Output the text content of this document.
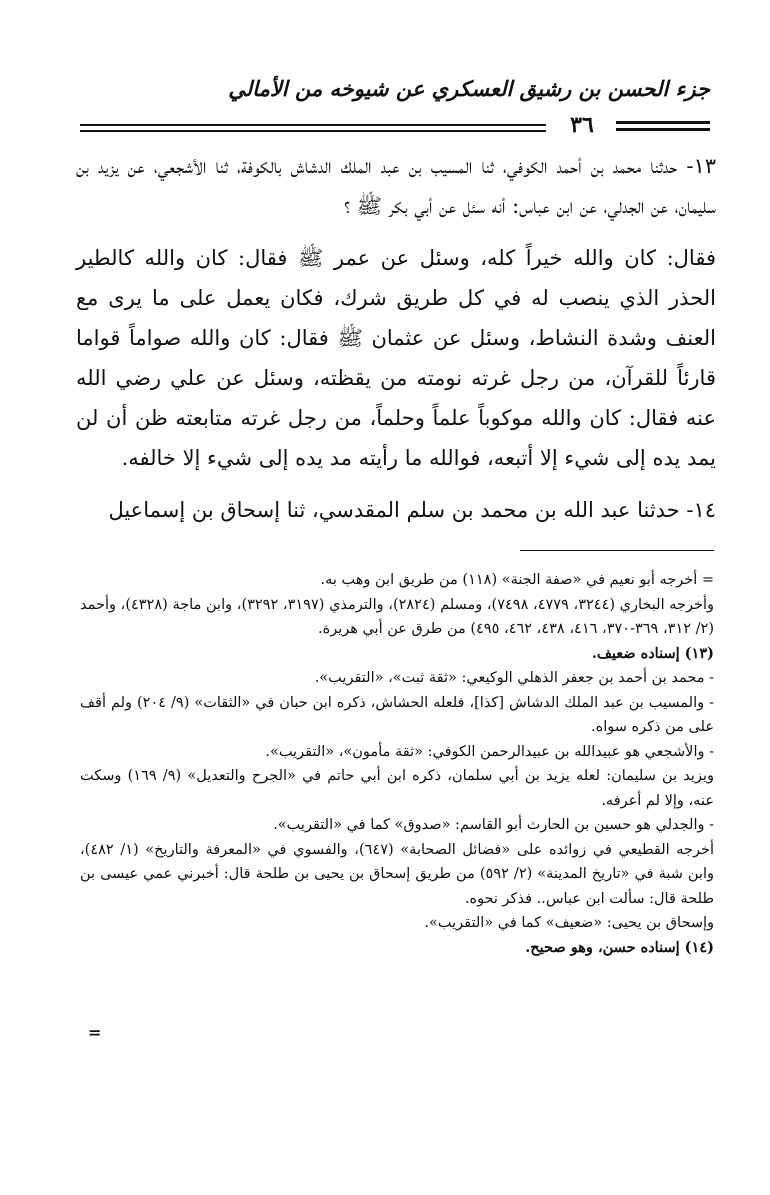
جزء الحسن بن رشيق العسكري عن شيوخه من الأمالي
٣٦

١٣- حدثنا محمد بن أحمد الكوفي، ثنا المسيب بن عبد الملك الدشاش بالكوفة، ثنا الأشجعي، عن يزيد بن سليمان، عن الجدلي، عن ابن عباس: أنه سئل عن أبي بكر ﷺ ؟

فقال: كان والله خيراً كله، وسئل عن عمر ﷺ فقال: كان والله كالطير الحذر الذي ينصب له في كل طريق شرك، فكان يعمل على ما يرى مع العنف وشدة النشاط، وسئل عن عثمان ﷺ فقال: كان والله صواماً قواما قارئاً للقرآن، من رجل غرته نومته من يقظته، وسئل عن علي رضي الله عنه فقال: كان والله موكوباً علماً وحلماً، من رجل غرته متابعته ظن أن لن يمد يده إلى شيء إلا أتبعه، فوالله ما رأيته مد يده إلى شيء إلا خالفه.

١٤- حدثنا عبد الله بن محمد بن سلم المقدسي، ثنا إسحاق بن إسماعيل

= أخرجه أبو نعيم في «صفة الجنة» (١١٨) من طريق ابن وهب به.
وأخرجه البخاري (٣٢٤٤، ٤٧٧٩، ٧٤٩٨)، ومسلم (٢٨٢٤)، والترمذي (٣١٩٧، ٣٢٩٢)، وابن ماجة (٤٣٢٨)، وأحمد (٢/ ٣١٢، ٣٦٩-٣٧٠، ٤١٦، ٤٣٨، ٤٦٢، ٤٩٥) من طرق عن أبي هريرة.
(١٣) إسناده ضعيف.
- محمد بن أحمد بن جعفر الذهلي الوكيعي: «ثقة ثبت»، «التقريب».
- والمسيب بن عبد الملك الدشاش [كذا]، فلعله الحشاش، ذكره ابن حبان في «الثقات» (٩/ ٢٠٤) ولم أقف على من ذكره سواه.
- والأشجعي هو عبيدالله بن عبيدالرحمن الكوفي: «ثقة مأمون»، «التقريب».
ويزيد بن سليمان: لعله يزيد بن أبي سلمان، ذكره ابن أبي حاتم في «الجرح والتعديل» (٩/ ١٦٩) وسكت عنه، وإلا لم أعرفه.
- والجدلي هو حسين بن الحارث أبو القاسم: «صدوق» كما في «التقريب».
أخرجه القطيعي في زوائده على «فضائل الصحابة» (٦٤٧)، والفسوي في «المعرفة والتاريخ» (١/ ٤٨٢)، وابن شبة في «تاريخ المدينة» (٢/ ٥٩٢) من طريق إسحاق بن يحيى بن طلحة قال: أخبرني عمي عيسى بن طلحة قال: سألت ابن عباس.. فذكر نحوه.
وإسحاق بن يحيى: «ضعيف» كما في «التقريب».
(١٤) إسناده حسن، وهو صحيح.
=
